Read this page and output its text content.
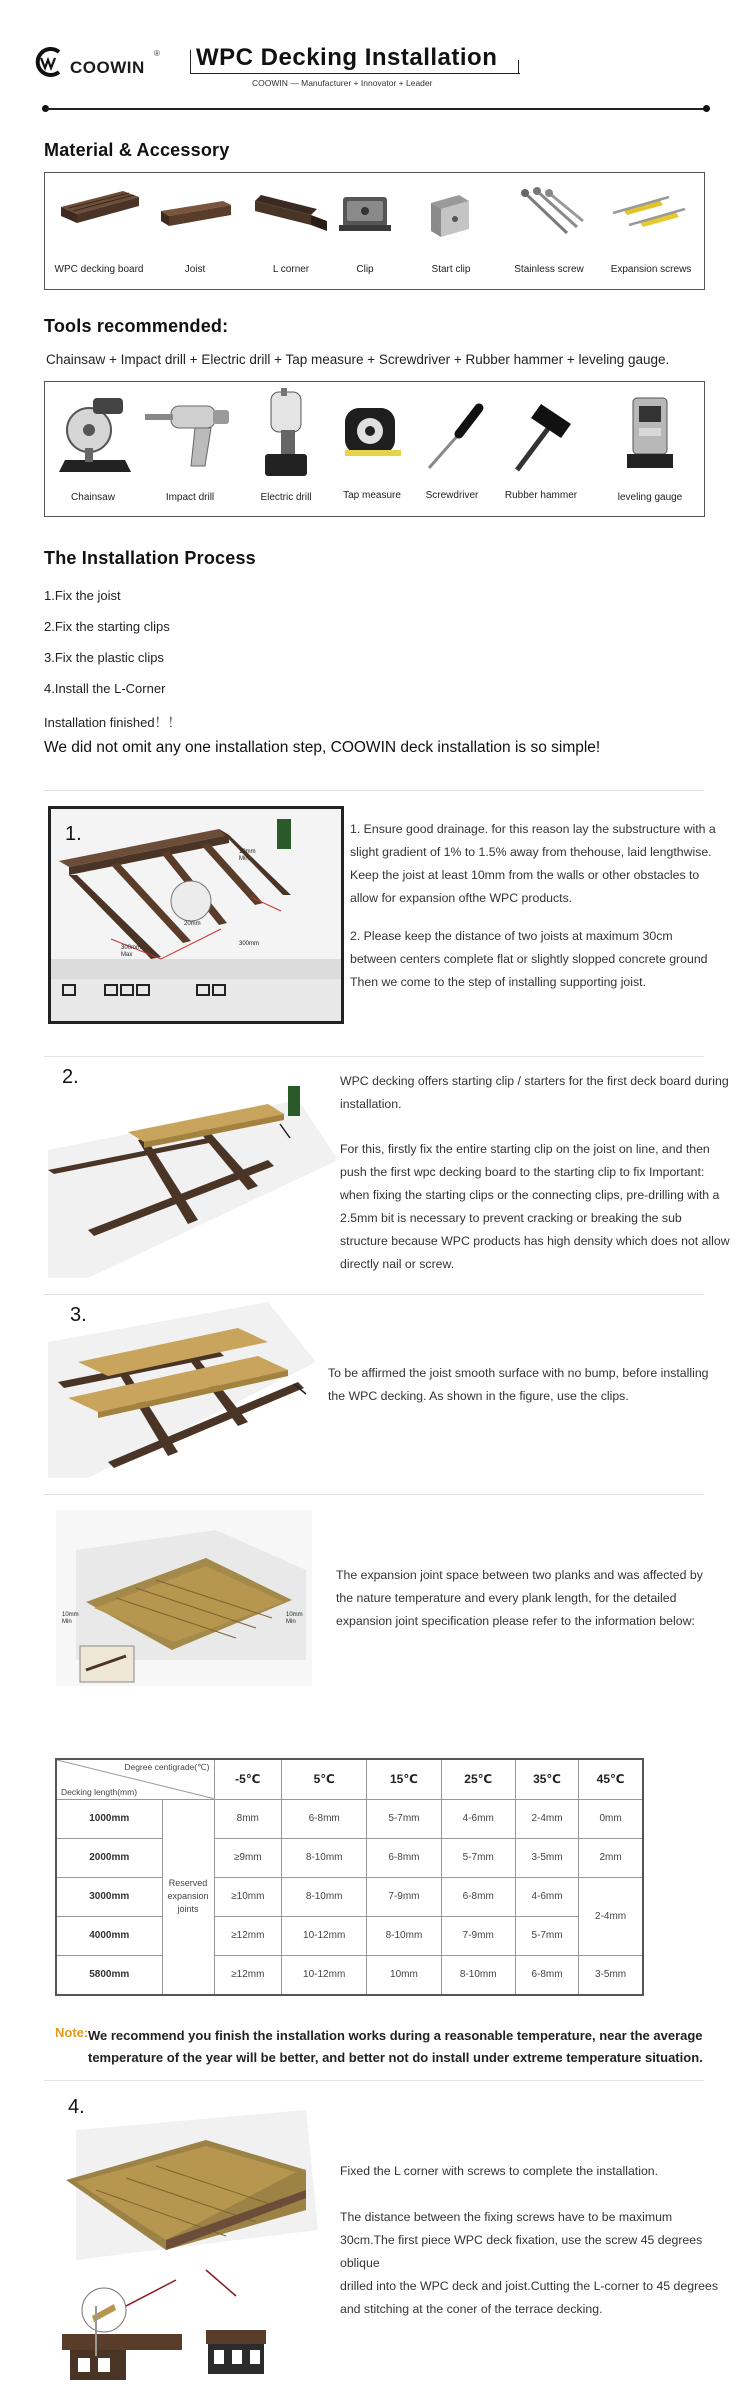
COOWIN
® WPC Decking Installation
COOWIN — Manufacturer + Innovator + Leader
Material & Accessory
WPC decking board	Joist	L corner	Clip	Start clip	Stainless screw	Expansion screws
Tools recommended:
Chainsaw + Impact drill + Electric drill + Tap measure + Screwdriver + Rubber hammer + leveling gauge.
Chainsaw	Impact drill	Electric drill	Tap measure	Screwdriver	Rubber hammer	leveling gauge
The Installation Process
1.Fix the joist
2.Fix the starting clips
3.Fix the plastic clips
4.Install the L-Corner
Installation finished！！
We did not omit any one installation step, COOWIN deck installation is so simple!
1.
10mm Min
20mm
300mm Max
300mm
1. Ensure good drainage. for this reason lay the substructure with a slight gradient of 1% to 1.5% away from thehouse, laid lengthwise. Keep the joist at least 10mm from the walls or other obstacles to allow for expansion ofthe WPC products.
2. Please keep the distance of two joists at maximum 30cm between centers complete flat or slightly slopped concrete ground Then we come to the step of installing supporting joist.
2.	WPC decking offers starting clip / starters for the first deck board during installation.
For this, firstly fix the entire starting clip on the joist on line, and then push the first wpc decking board to the starting clip to fix Important: when fixing the starting clips or the connecting clips, pre-drilling with a 2.5mm bit is necessary to prevent cracking or breaking the sub structure because WPC products has high density which does not allow directly nail or screw.
3.
To be affirmed the joist smooth surface with no bump, before installing the WPC decking. As shown in the figure, use the clips.
10mm Min
10mm Min
The expansion joint space between two planks and was affected by the nature temperature and every plank length, for the detailed expansion joint specification please refer to the information below:
Degree centigrade(℃)
Decking length(mm)		-5℃	5℃	15℃	25℃	35℃	45℃
1000mm	Reserved expansion joints	8mm	6-8mm	5-7mm	4-6mm	2-4mm	0mm
2000mm		≥9mm	8-10mm	6-8mm	5-7mm	3-5mm	2mm
3000mm		≥10mm	8-10mm	7-9mm	6-8mm	4-6mm	2-4mm
4000mm		≥12mm	10-12mm	8-10mm	7-9mm	5-7mm	
5800mm		≥12mm	10-12mm	10mm	8-10mm	6-8mm	3-5mm
Note: We recommend you finish the installation works during a reasonable temperature, near the average temperature of the year will be better, and better not do install under extreme temperature situation.
4.
Fixed the L corner with screws to complete the installation.
The distance between the fixing screws have to be maximum 30cm.The first piece WPC deck fixation, use the screw 45 degrees oblique
drilled into the WPC deck and joist.Cutting the L-corner to 45 degrees and stitching at the coner of the terrace decking.
